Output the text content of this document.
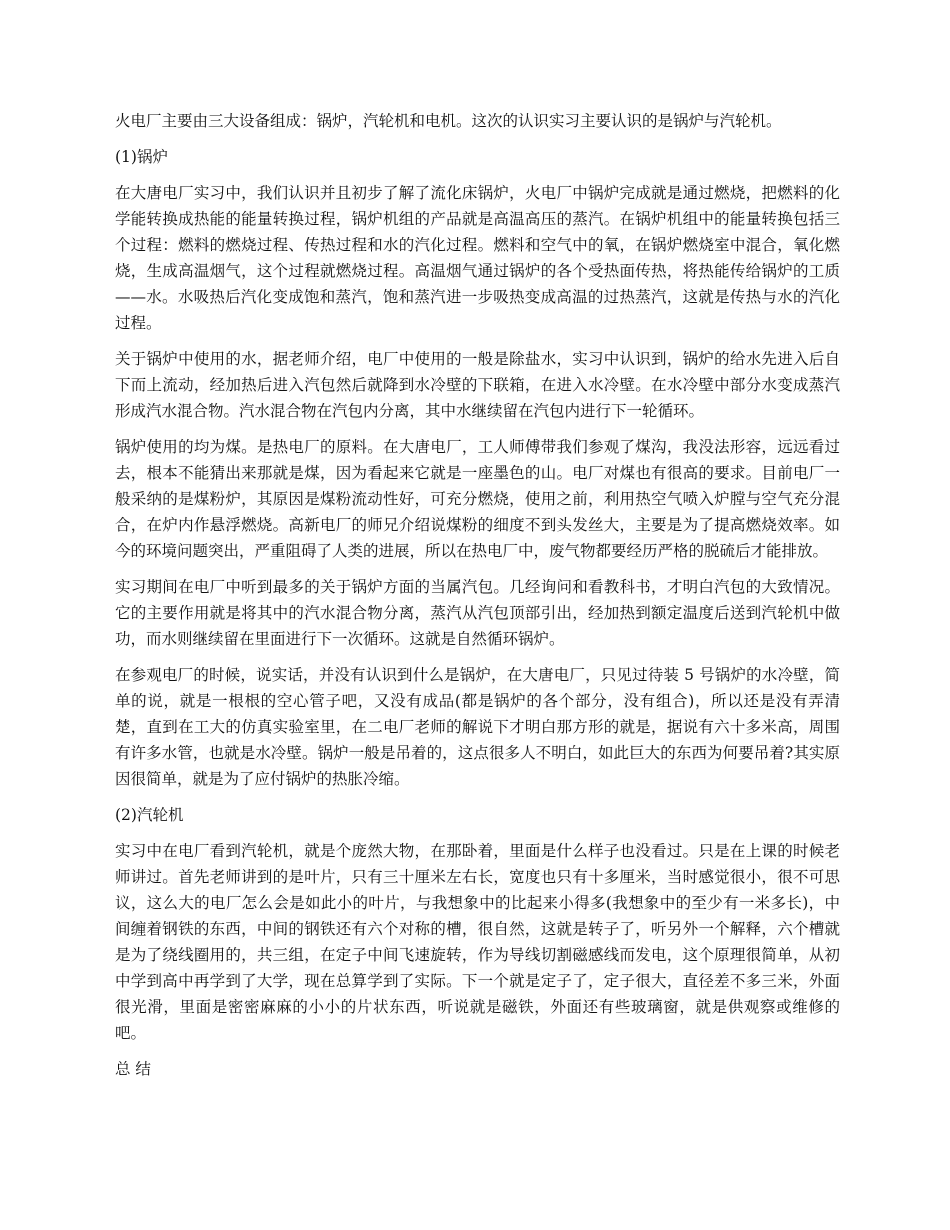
火电厂主要由三大设备组成：锅炉，汽轮机和电机。这次的认识实习主要认识的是锅炉与汽轮机。

(1)锅炉

在大唐电厂实习中，我们认识并且初步了解了流化床锅炉，火电厂中锅炉完成就是通过燃烧，把燃料的化学能转换成热能的能量转换过程，锅炉机组的产品就是高温高压的蒸汽。在锅炉机组中的能量转换包括三个过程：燃料的燃烧过程、传热过程和水的汽化过程。燃料和空气中的氧，在锅炉燃烧室中混合，氧化燃烧，生成高温烟气，这个过程就燃烧过程。高温烟气通过锅炉的各个受热面传热，将热能传给锅炉的工质——水。水吸热后汽化变成饱和蒸汽，饱和蒸汽进一步吸热变成高温的过热蒸汽，这就是传热与水的汽化过程。

关于锅炉中使用的水，据老师介绍，电厂中使用的一般是除盐水，实习中认识到，锅炉的给水先进入后自下而上流动，经加热后进入汽包然后就降到水冷壁的下联箱，在进入水冷壁。在水冷壁中部分水变成蒸汽形成汽水混合物。汽水混合物在汽包内分离，其中水继续留在汽包内进行下一轮循环。

锅炉使用的均为煤。是热电厂的原料。在大唐电厂，工人师傅带我们参观了煤沟，我没法形容，远远看过去，根本不能猜出来那就是煤，因为看起来它就是一座墨色的山。电厂对煤也有很高的要求。目前电厂一般采纳的是煤粉炉，其原因是煤粉流动性好，可充分燃烧，使用之前，利用热空气喷入炉膛与空气充分混合，在炉内作悬浮燃烧。高新电厂的师兄介绍说煤粉的细度不到头发丝大，主要是为了提高燃烧效率。如今的环境问题突出，严重阻碍了人类的进展，所以在热电厂中，废气物都要经历严格的脱硫后才能排放。

实习期间在电厂中听到最多的关于锅炉方面的当属汽包。几经询问和看教科书，才明白汽包的大致情况。它的主要作用就是将其中的汽水混合物分离，蒸汽从汽包顶部引出，经加热到额定温度后送到汽轮机中做功，而水则继续留在里面进行下一次循环。这就是自然循环锅炉。

在参观电厂的时候，说实话，并没有认识到什么是锅炉，在大唐电厂，只见过待装 5 号锅炉的水冷壁，简单的说，就是一根根的空心管子吧，又没有成品(都是锅炉的各个部分，没有组合)，所以还是没有弄清楚，直到在工大的仿真实验室里，在二电厂老师的解说下才明白那方形的就是，据说有六十多米高，周围有许多水管，也就是水冷壁。锅炉一般是吊着的，这点很多人不明白，如此巨大的东西为何要吊着?其实原因很简单，就是为了应付锅炉的热胀冷缩。

(2)汽轮机

实习中在电厂看到汽轮机，就是个庞然大物，在那卧着，里面是什么样子也没看过。只是在上课的时候老师讲过。首先老师讲到的是叶片，只有三十厘米左右长，宽度也只有十多厘米，当时感觉很小，很不可思议，这么大的电厂怎么会是如此小的叶片，与我想象中的比起来小得多(我想象中的至少有一米多长)，中间缠着钢铁的东西，中间的钢铁还有六个对称的槽，很自然，这就是转子了，听另外一个解释，六个槽就是为了绕线圈用的，共三组，在定子中间飞速旋转，作为导线切割磁感线而发电，这个原理很简单，从初中学到高中再学到了大学，现在总算学到了实际。下一个就是定子了，定子很大，直径差不多三米，外面很光滑，里面是密密麻麻的小小的片状东西，听说就是磁铁，外面还有些玻璃窗，就是供观察或维修的吧。

总 结
